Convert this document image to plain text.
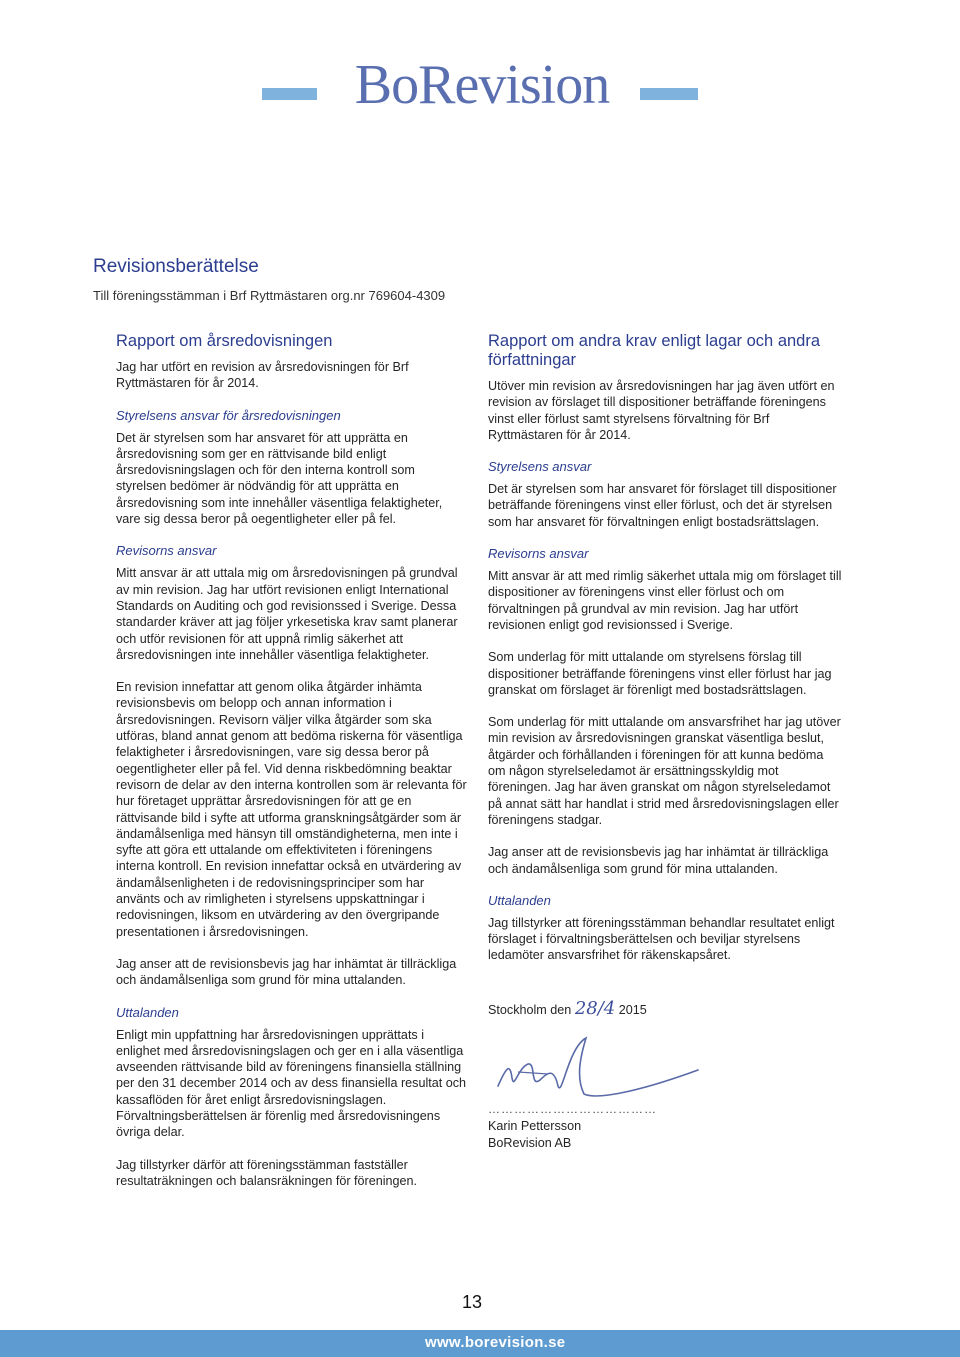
BoRevision
Revisionsberättelse
Till föreningsstämman i Brf Ryttmästaren org.nr 769604-4309
Rapport om årsredovisningen

Jag har utfört en revision av årsredovisningen för Brf Ryttmästaren för år 2014.

Styrelsens ansvar för årsredovisningen

Det är styrelsen som har ansvaret för att upprätta en årsredovisning som ger en rättvisande bild enligt årsredovisningslagen och för den interna kontroll som styrelsen bedömer är nödvändig för att upprätta en årsredovisning som inte innehåller väsentliga felaktigheter, vare sig dessa beror på oegentligheter eller på fel.

Revisorns ansvar

Mitt ansvar är att uttala mig om årsredovisningen på grundval av min revision. Jag har utfört revisionen enligt International Standards on Auditing och god revisionssed i Sverige. Dessa standarder kräver att jag följer yrkesetiska krav samt planerar och utför revisionen för att uppnå rimlig säkerhet att årsredovisningen inte innehåller väsentliga felaktigheter.

En revision innefattar att genom olika åtgärder inhämta revisionsbevis om belopp och annan information i årsredovisningen. Revisorn väljer vilka åtgärder som ska utföras, bland annat genom att bedöma riskerna för väsentliga felaktigheter i årsredovisningen, vare sig dessa beror på oegentligheter eller på fel. Vid denna riskbedömning beaktar revisorn de delar av den interna kontrollen som är relevanta för hur företaget upprättar årsredovisningen för att ge en rättvisande bild i syfte att utforma granskningsåtgärder som är ändamålsenliga med hänsyn till omständigheterna, men inte i syfte att göra ett uttalande om effektiviteten i föreningens interna kontroll. En revision innefattar också en utvärdering av ändamålsenligheten i de redovisningsprinciper som har använts och av rimligheten i styrelsens uppskattningar i redovisningen, liksom en utvärdering av den övergripande presentationen i årsredovisningen.

Jag anser att de revisionsbevis jag har inhämtat är tillräckliga och ändamålsenliga som grund för mina uttalanden.

Uttalanden

Enligt min uppfattning har årsredovisningen upprättats i enlighet med årsredovisningslagen och ger en i alla väsentliga avseenden rättvisande bild av föreningens finansiella ställning per den 31 december 2014 och av dess finansiella resultat och kassaflöden för året enligt årsredovisningslagen. Förvaltningsberättelsen är förenlig med årsredovisningens övriga delar.

Jag tillstyrker därför att föreningsstämman fastställer resultaträkningen och balansräkningen för föreningen.

Rapport om andra krav enligt lagar och andra författningar

Utöver min revision av årsredovisningen har jag även utfört en revision av förslaget till dispositioner beträffande föreningens vinst eller förlust samt styrelsens förvaltning för Brf Ryttmästaren för år 2014.

Styrelsens ansvar

Det är styrelsen som har ansvaret för förslaget till dispositioner beträffande föreningens vinst eller förlust, och det är styrelsen som har ansvaret för förvaltningen enligt bostadsrättslagen.

Revisorns ansvar

Mitt ansvar är att med rimlig säkerhet uttala mig om förslaget till dispositioner av föreningens vinst eller förlust och om förvaltningen på grundval av min revision. Jag har utfört revisionen enligt god revisionssed i Sverige.

Som underlag för mitt uttalande om styrelsens förslag till dispositioner beträffande föreningens vinst eller förlust har jag granskat om förslaget är förenligt med bostadsrättslagen.

Som underlag för mitt uttalande om ansvarsfrihet har jag utöver min revision av årsredovisningen granskat väsentliga beslut, åtgärder och förhållanden i föreningen för att kunna bedöma om någon styrelseledamot är ersättningsskyldig mot föreningen. Jag har även granskat om någon styrelseledamot på annat sätt har handlat i strid med årsredovisningslagen eller föreningens stadgar.

Jag anser att de revisionsbevis jag har inhämtat är tillräckliga och ändamålsenliga som grund för mina uttalanden.

Uttalanden

Jag tillstyrker att föreningsstämman behandlar resultatet enligt förslaget i förvaltningsberättelsen och beviljar styrelsens ledamöter ansvarsfrihet för räkenskapsåret.

Stockholm den 28/4 2015
…………………………………
Karin Pettersson
BoRevision AB
13
www.borevision.se
